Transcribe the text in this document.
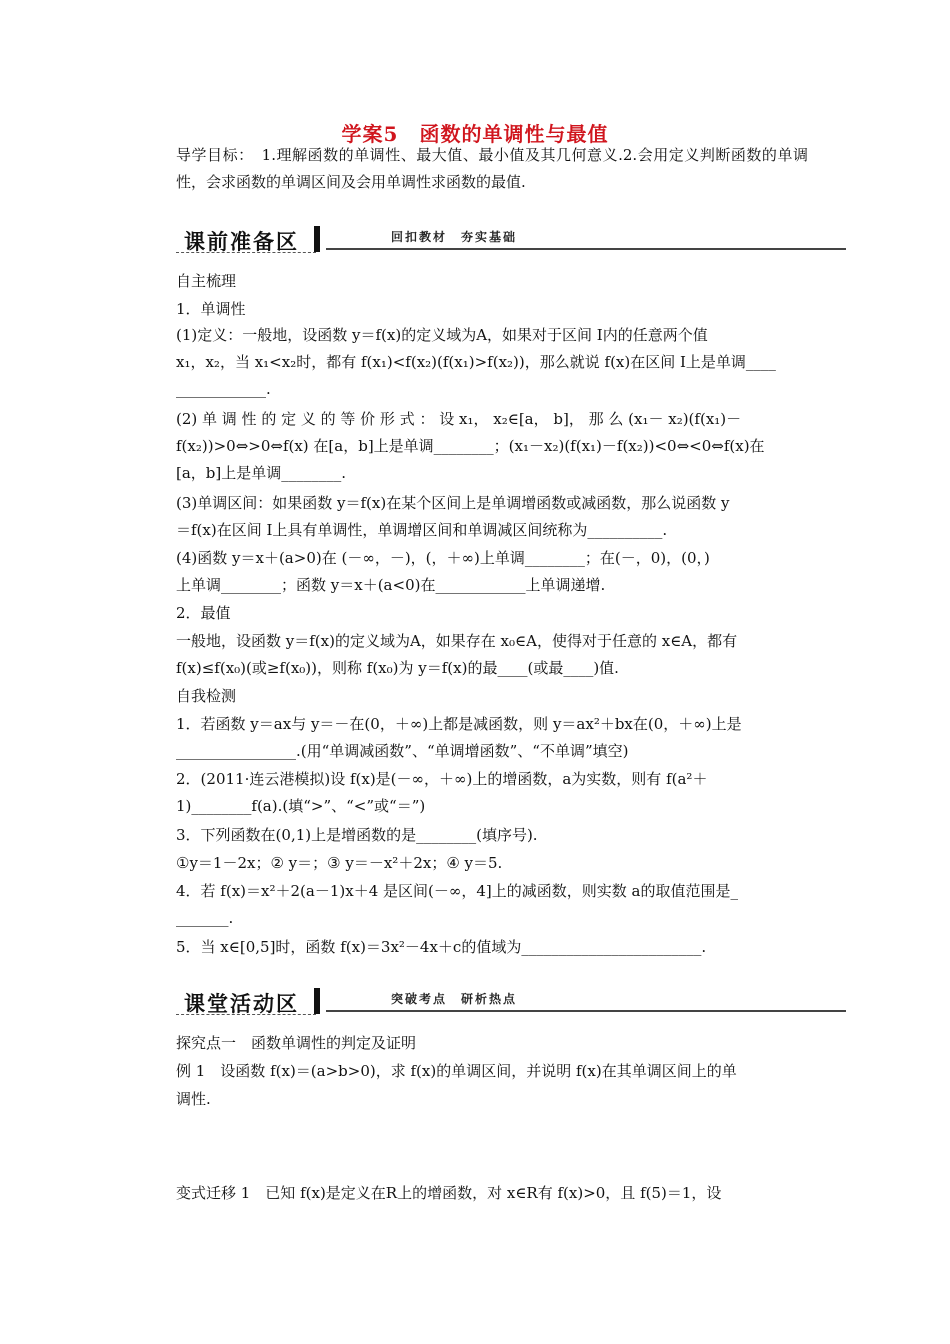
学案5　函数的单调性与最值
导学目标：　1.理解函数的单调性、最大值、最小值及其几何意义.2.会用定义判断函数的单调性，会求函数的单调区间及会用单调性求函数的最值.
课前准备区	回扣教材　夯实基础
自主梳理
1．单调性
(1)定义：一般地，设函数 y＝f(x)的定义域为A，如果对于区间 I内的任意两个值
x₁，x₂，当 x₁<x₂时，都有 f(x₁)<f(x₂)(f(x₁)>f(x₂))，那么就说 f(x)在区间 I上是单调____
____________.
(2) 单 调 性 的 定 义 的 等 价 形 式 ： 设 x₁， x₂∈[a， b]， 那 么 (x₁－ x₂)(f(x₁)－
f(x₂))>0⇔>0⇔f(x) 在[a，b]上是单调________；(x₁－x₂)(f(x₁)－f(x₂))<0⇔<0⇔f(x)在
[a，b]上是单调________.
(3)单调区间：如果函数 y＝f(x)在某个区间上是单调增函数或减函数，那么说函数 y
＝f(x)在区间 I上具有单调性，单调增区间和单调减区间统称为__________.
(4)函数 y＝x＋(a>0)在 (－∞，－)，(，＋∞)上单调________；在(－，0)，(0，)
上单调________；函数 y＝x＋(a<0)在____________上单调递增.
2．最值
一般地，设函数 y＝f(x)的定义域为A，如果存在 x₀∈A，使得对于任意的 x∈A，都有
f(x)≤f(x₀)(或≥f(x₀))，则称 f(x₀)为 y＝f(x)的最____(或最____)值.
自我检测
1．若函数 y＝ax与 y＝－在(0，＋∞)上都是减函数，则 y＝ax²＋bx在(0，＋∞)上是
________________.(用“单调减函数”、“单调增函数”、“不单调”填空)
2．(2011·连云港模拟)设 f(x)是(－∞，＋∞)上的增函数，a为实数，则有 f(a²＋
1)________f(a).(填“>”、“<”或“＝”)
3．下列函数在(0,1)上是增函数的是________(填序号).
①y＝1－2x；② y＝；③ y＝－x²＋2x；④ y＝5.
4．若 f(x)＝x²＋2(a－1)x＋4 是区间(－∞，4]上的减函数，则实数 a的取值范围是_
_______.
5．当 x∈[0,5]时，函数 f(x)＝3x²－4x＋c的值域为________________________.
课堂活动区	突破考点　研析热点
探究点一　函数单调性的判定及证明
例 1　设函数 f(x)＝(a>b>0)，求 f(x)的单调区间，并说明 f(x)在其单调区间上的单
调性.
变式迁移 1　已知 f(x)是定义在R上的增函数，对 x∈R有 f(x)>0，且 f(5)＝1，设
